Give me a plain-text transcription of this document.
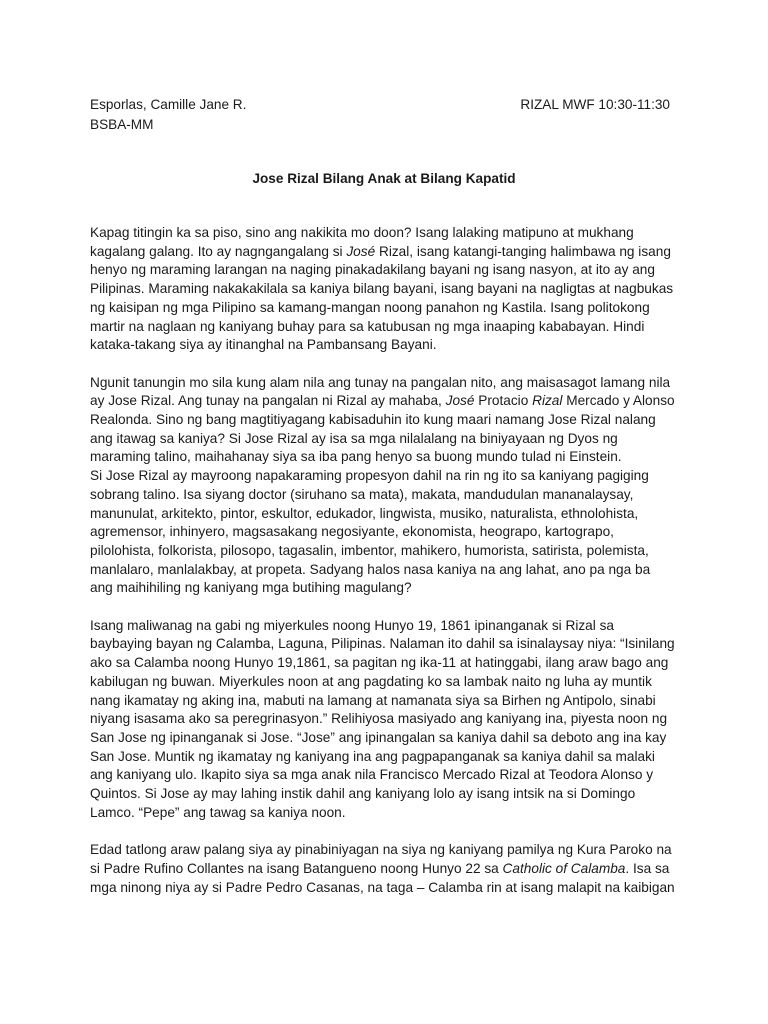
Esporlas, Camille Jane R.	RIZAL MWF 10:30-11:30
BSBA-MM
Jose Rizal Bilang Anak at Bilang Kapatid

Kapag titingin ka sa piso, sino ang nakikita mo doon? Isang lalaking matipuno at mukhang kagalang galang. Ito ay nagngangalang si José Rizal, isang katangi-tanging halimbawa ng isang henyo ng maraming larangan na naging pinakadakilang bayani ng isang nasyon, at ito ay ang Pilipinas. Maraming nakakakilala sa kaniya bilang bayani, isang bayani na nagligtas at nagbukas ng kaisipan ng mga Pilipino sa kamang-mangan noong panahon ng Kastila. Isang politokong martir na naglaan ng kaniyang buhay para sa katubusan ng mga inaaping kababayan. Hindi kataka-takang siya ay itinanghal na Pambansang Bayani.

Ngunit tanungin mo sila kung alam nila ang tunay na pangalan nito, ang maisasagot lamang nila ay Jose Rizal. Ang tunay na pangalan ni Rizal ay mahaba, José Protacio Rizal Mercado y Alonso Realonda. Sino ng bang magtitiyagang kabisaduhin ito kung maari namang Jose Rizal nalang ang itawag sa kaniya? Si Jose Rizal ay isa sa mga nilalalang na biniyayaan ng Dyos ng maraming talino, maihahanay siya sa iba pang henyo sa buong mundo tulad ni Einstein.

Si Jose Rizal ay mayroong napakaraming propesyon dahil na rin ng ito sa kaniyang pagiging sobrang talino. Isa siyang doctor (siruhano sa mata), makata, mandudulan mananalaysay, manunulat, arkitekto, pintor, eskultor, edukador, lingwista, musiko, naturalista, ethnolohista, agremensor, inhinyero, magsasakang negosiyante, ekonomista, heograpo, kartograpo, pilolohista, folkorista, pilosopo, tagasalin, imbentor, mahikero, humorista, satirista, polemista, manlalaro, manlalakbay, at propeta. Sadyang halos nasa kaniya na ang lahat, ano pa nga ba ang maihihiling ng kaniyang mga butihing magulang?

Isang maliwanag na gabi ng miyerkules noong Hunyo 19, 1861 ipinanganak si Rizal sa baybaying bayan ng Calamba, Laguna, Pilipinas. Nalaman ito dahil sa isinalaysay niya: “Isinilang ako sa Calamba noong Hunyo 19,1861, sa pagitan ng ika-11 at hatinggabi, ilang araw bago ang kabilugan ng buwan. Miyerkules noon at ang pagdating ko sa lambak naito ng luha ay muntik nang ikamatay ng aking ina, mabuti na lamang at namanata siya sa Birhen ng Antipolo, sinabi niyang isasama ako sa peregrinasyon.” Relihiyosa masiyado ang kaniyang ina, piyesta noon ng San Jose ng ipinanganak si Jose. “Jose” ang ipinangalan sa kaniya dahil sa deboto ang ina kay San Jose. Muntik ng ikamatay ng kaniyang ina ang pagpapanganak sa kaniya dahil sa malaki ang kaniyang ulo. Ikapito siya sa mga anak nila Francisco Mercado Rizal at Teodora Alonso y Quintos. Si Jose ay may lahing instik dahil ang kaniyang lolo ay isang intsik na si Domingo Lamco. “Pepe” ang tawag sa kaniya noon.

Edad tatlong araw palang siya ay pinabiniyagan na siya ng kaniyang pamilya ng Kura Paroko na si Padre Rufino Collantes na isang Batangueno noong Hunyo 22 sa Catholic of Calamba. Isa sa mga ninong niya ay si Padre Pedro Casanas, na taga – Calamba rin at isang malapit na kaibigan
